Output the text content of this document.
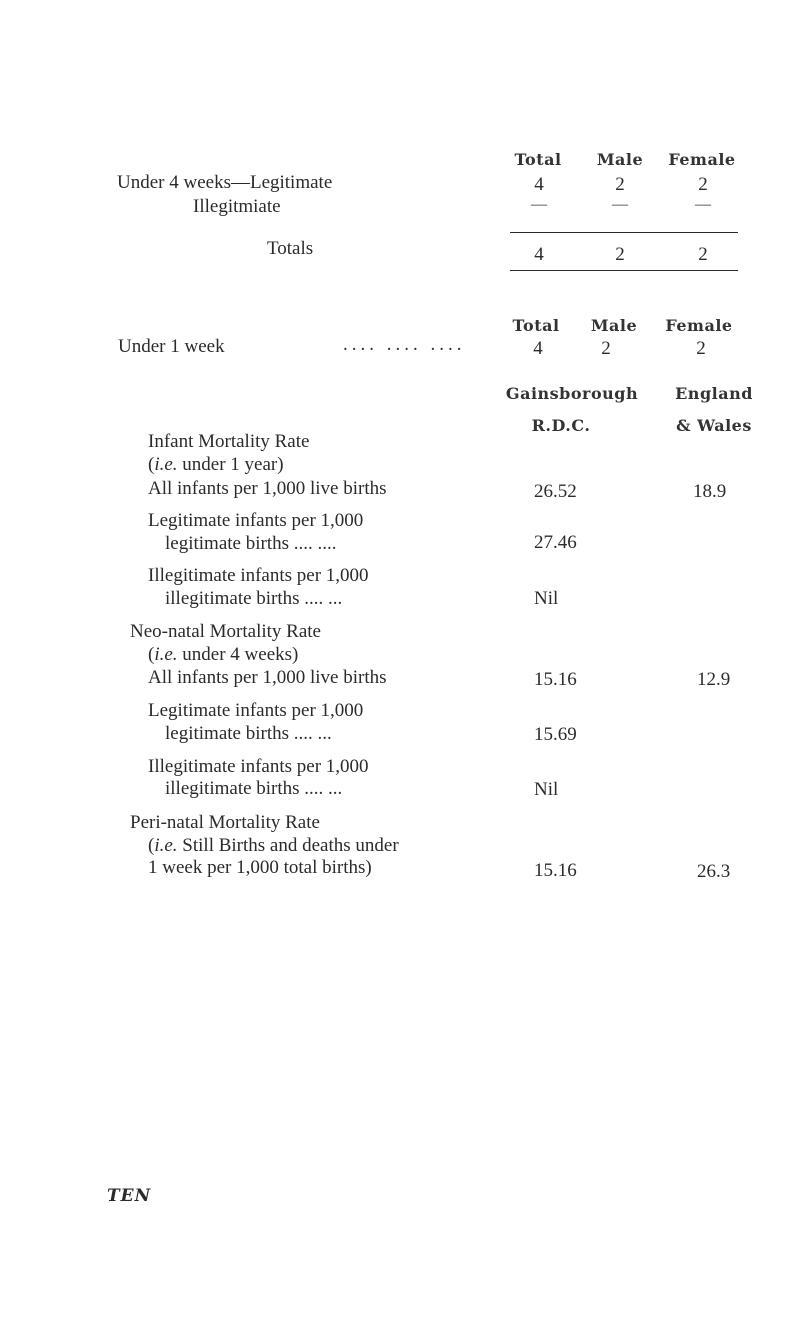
Total Male Female
Under 4 weeks—Legitimate	4	2	2
Illegitmiate	—	—	—
Totals	4	2	2
Total Male Female
Under 1 week	.... .... ....	4	2	2
Gainsborough
R.D.C.
England
& Wales
Infant Mortality Rate
(i.e. under 1 year)
All infants per 1,000 live births	26.52	18.9
Legitimate infants per 1,000
legitimate births .... ....	27.46
Illegitimate infants per 1,000
illegitimate births .... ...	Nil
Neo-natal Mortality Rate
(i.e. under 4 weeks)
All infants per 1,000 live births	15.16	12.9
Legitimate infants per 1,000
legitimate births .... ...	15.69
Illegitimate infants per 1,000
illegitimate births .... ...	Nil
Peri-natal Mortality Rate
(i.e. Still Births and deaths under
1 week per 1,000 total births)	15.16	26.3
TEN
